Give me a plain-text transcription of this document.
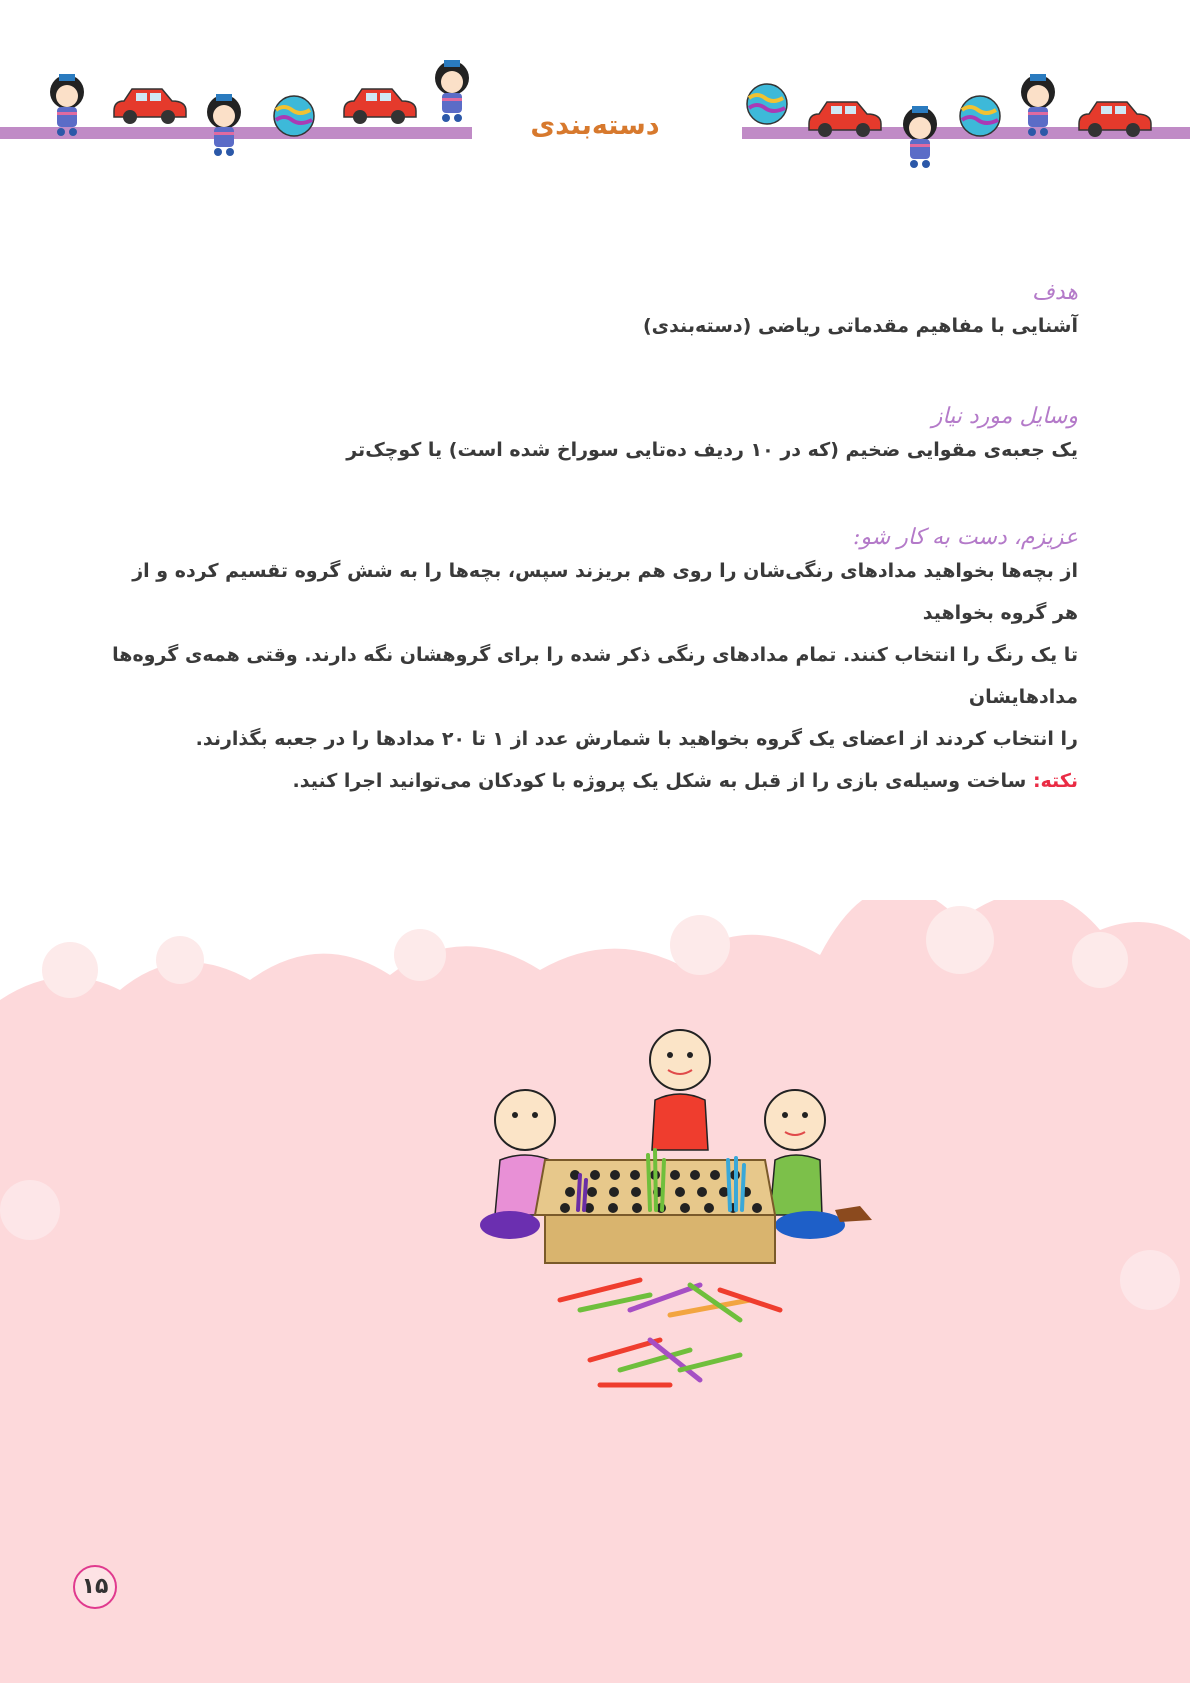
دسته‌بندی
هدف
آشنایی با مفاهیم مقدماتی ریاضی (دسته‌بندی)
وسایل مورد نیاز
یک جعبه‌ی مقوایی ضخیم (که در ۱۰ ردیف ده‌تایی سوراخ شده است) یا کوچک‌تر
عزیزم، دست به کار شو:
از بچه‌ها بخواهید مدادهای رنگی‌شان را روی هم بریزند سپس، بچه‌ها را به شش گروه تقسیم کرده و از هر گروه بخواهید
تا یک رنگ را انتخاب کنند. تمام مدادهای رنگی ذکر شده را برای گروهشان نگه دارند. وقتی همه‌ی گروه‌ها مدادهایشان
را انتخاب کردند از اعضای یک گروه بخواهید با شمارش عدد از ۱ تا ۲۰ مدادها را در جعبه بگذارند.
نکته: ساخت وسیله‌ی بازی را از قبل به شکل یک پروژه با کودکان می‌توانید اجرا کنید.
۱۵
